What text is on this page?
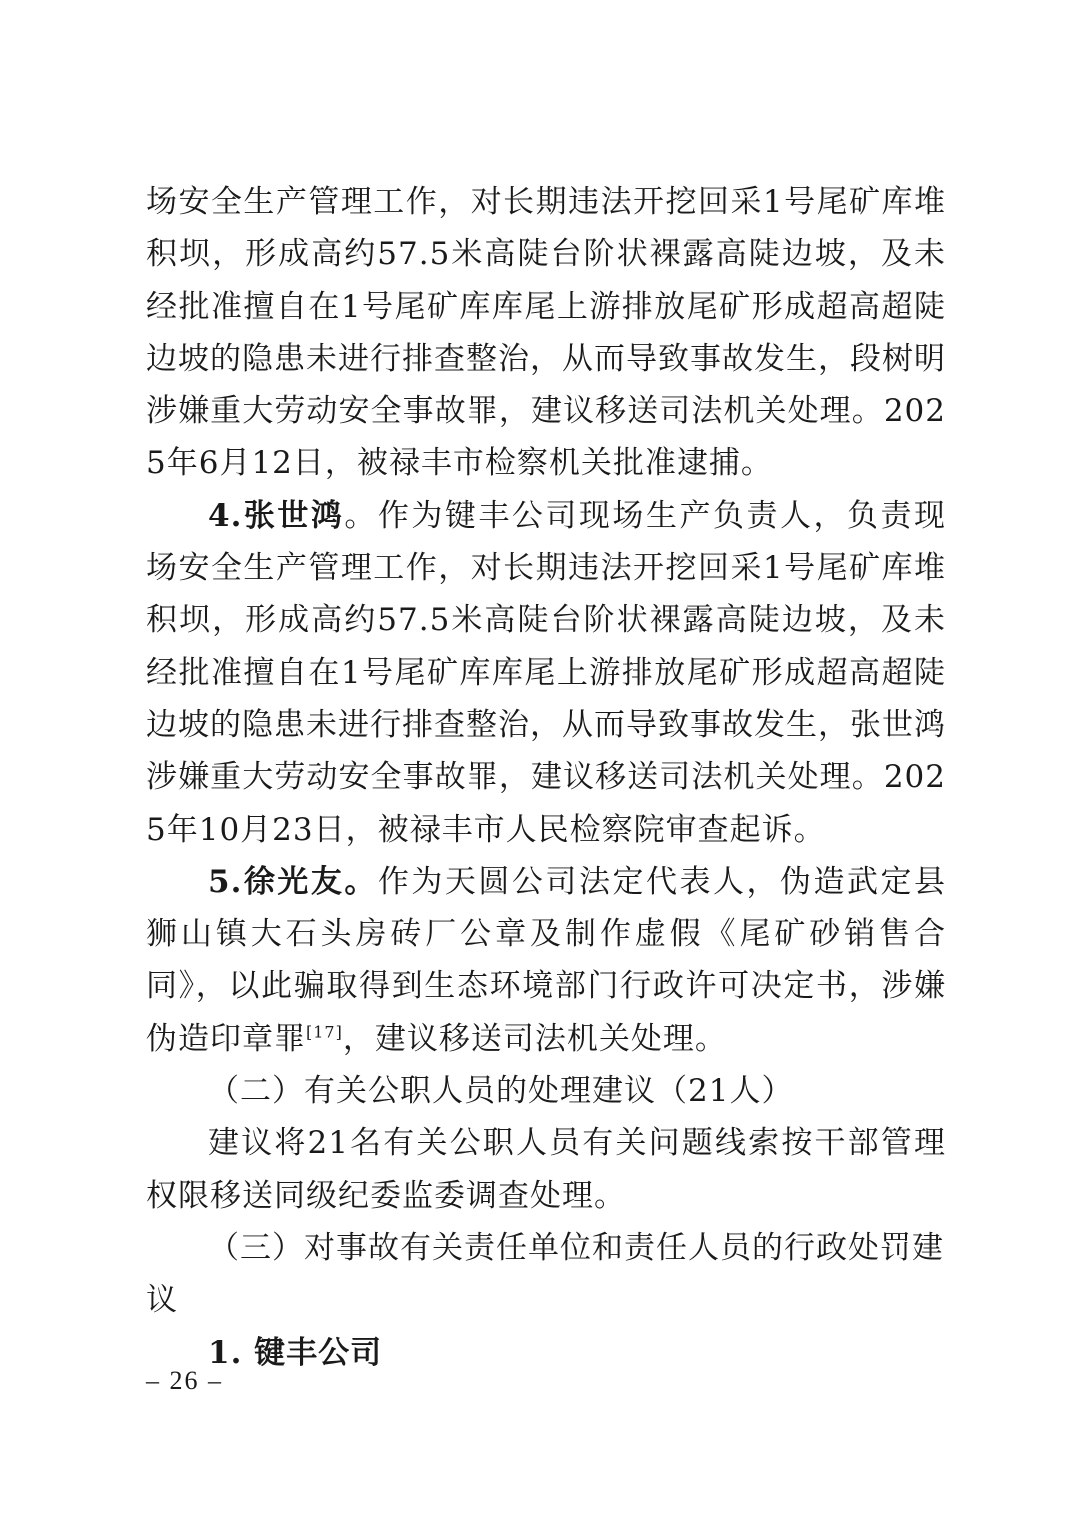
场安全生产管理工作，对长期违法开挖回采1号尾矿库堆积坝，形成高约57.5米高陡台阶状裸露高陡边坡，及未经批准擅自在1号尾矿库库尾上游排放尾矿形成超高超陡边坡的隐患未进行排查整治，从而导致事故发生，段树明涉嫌重大劳动安全事故罪，建议移送司法机关处理。2025年6月12日，被禄丰市检察机关批准逮捕。

4.张世鸿。作为键丰公司现场生产负责人，负责现场安全生产管理工作，对长期违法开挖回采1号尾矿库堆积坝，形成高约57.5米高陡台阶状裸露高陡边坡，及未经批准擅自在1号尾矿库库尾上游排放尾矿形成超高超陡边坡的隐患未进行排查整治，从而导致事故发生，张世鸿涉嫌重大劳动安全事故罪，建议移送司法机关处理。2025年10月23日，被禄丰市人民检察院审查起诉。

5.徐光友。作为天圆公司法定代表人，伪造武定县狮山镇大石头房砖厂公章及制作虚假《尾矿砂销售合同》，以此骗取得到生态环境部门行政许可决定书，涉嫌伪造印章罪[17]，建议移送司法机关处理。

（二）有关公职人员的处理建议（21人）

建议将21名有关公职人员有关问题线索按干部管理权限移送同级纪委监委调查处理。

（三）对事故有关责任单位和责任人员的行政处罚建议

1. 键丰公司

– 26 –
